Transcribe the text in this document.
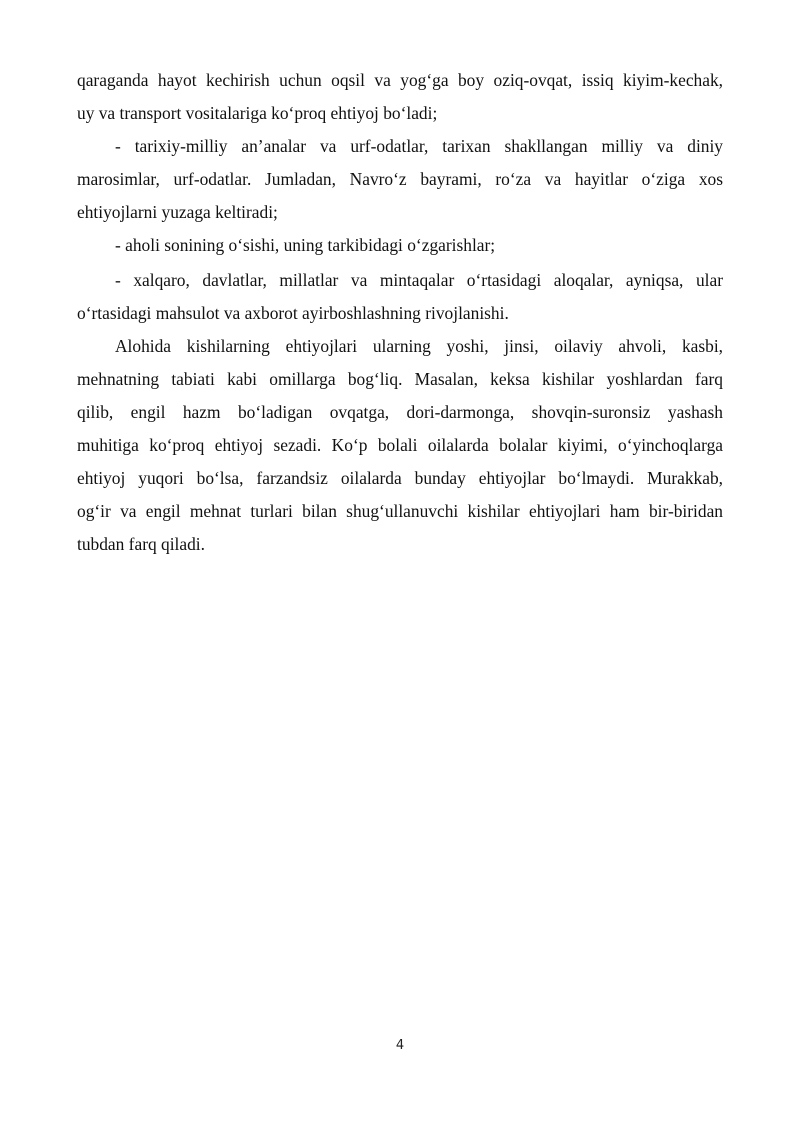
qaraganda hayot kechirish uchun oqsil va yog‘ga boy oziq-ovqat, issiq kiyim-kechak,
uy va transport vositalariga ko‘proq ehtiyoj bo‘ladi;
- tarixiy-milliy an’analar va urf-odatlar, tarixan shakllangan milliy va diniy
marosimlar, urf-odatlar. Jumladan, Navro‘z bayrami, ro‘za va hayitlar o‘ziga xos
ehtiyojlarni yuzaga keltiradi;
- aholi sonining o‘sishi, uning tarkibidagi o‘zgarishlar;
- xalqaro, davlatlar, millatlar va mintaqalar o‘rtasidagi aloqalar, ayniqsa, ular
o‘rtasidagi mahsulot va axborot ayirboshlashning rivojlanishi.
Alohida kishilarning ehtiyojlari ularning yoshi, jinsi, oilaviy ahvoli, kasbi,
mehnatning tabiati kabi omillarga bog‘liq. Masalan, keksa kishilar yoshlardan farq
qilib, engil hazm bo‘ladigan ovqatga, dori-darmonga, shovqin-suronsiz yashash
muhitiga ko‘proq ehtiyoj sezadi. Ko‘p bolali oilalarda bolalar kiyimi, o‘yinchoqlarga
ehtiyoj yuqori bo‘lsa, farzandsiz oilalarda bunday ehtiyojlar bo‘lmaydi. Murakkab,
og‘ir va engil mehnat turlari bilan shug‘ullanuvchi kishilar ehtiyojlari ham bir-biridan
tubdan farq qiladi.
4
